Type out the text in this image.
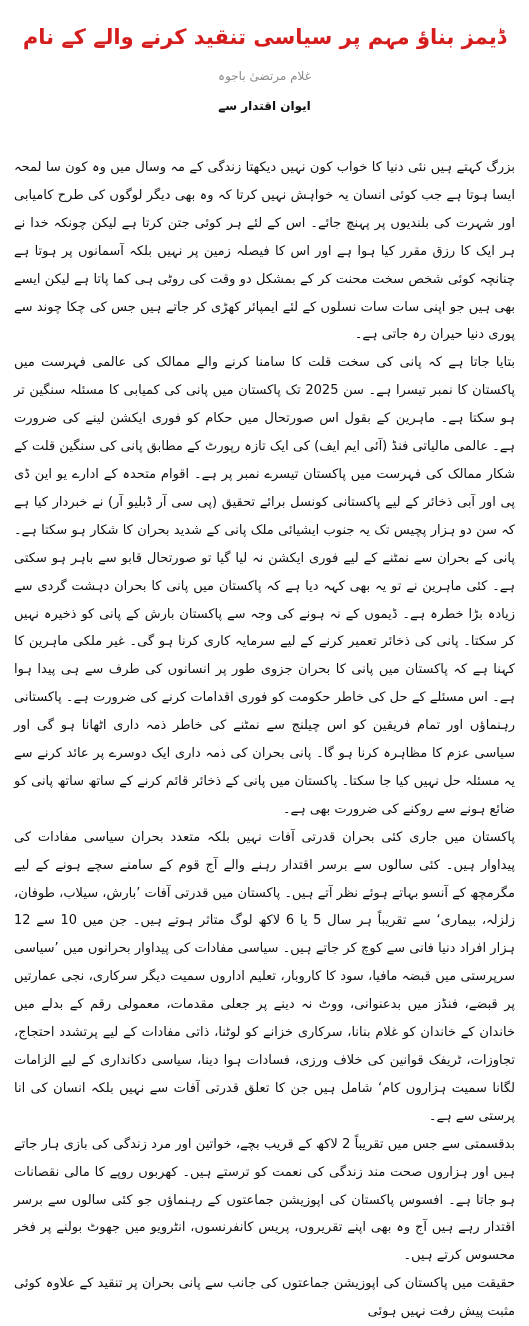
ڈیمز بناؤ مہم پر سیاسی تنقید کرنے والے کے نام
غلام مرتضیٰ باجوہ
ایوان اقتدار سے

بزرگ کہتے ہیں نئی دنیا کا خواب کون نہیں دیکھتا زندگی کے مہ وسال میں وہ کون سا لمحہ ایسا ہوتا ہے جب کوئی انسان یہ خواہش نہیں کرتا کہ وہ بھی دیگر لوگوں کی طرح کامیابی اور شہرت کی بلندیوں پر پہنچ جائے۔ اس کے لئے ہر کوئی جتن کرتا ہے لیکن چونکہ خدا نے ہر ایک کا رزق مقرر کیا ہوا ہے اور اس کا فیصلہ زمین پر نہیں بلکہ آسمانوں پر ہوتا ہے چنانچہ کوئی شخص سخت محنت کر کے بمشکل دو وقت کی روٹی ہی کما پاتا ہے لیکن ایسے بھی ہیں جو اپنی سات سات نسلوں کے لئے ایمپائر کھڑی کر جاتے ہیں جس کی چکا چوند سے پوری دنیا حیران رہ جاتی ہے۔

بتایا جاتا ہے کہ پانی کی سخت قلت کا سامنا کرنے والے ممالک کی عالمی فہرست میں پاکستان کا نمبر تیسرا ہے۔ سن 2025 تک پاکستان میں پانی کی کمیابی کا مسئلہ سنگین تر ہو سکتا ہے۔ ماہرین کے بقول اس صورتحال میں حکام کو فوری ایکشن لینے کی ضرورت ہے۔ عالمی مالیاتی فنڈ (آئی ایم ایف) کی ایک تازہ رپورٹ کے مطابق پانی کی سنگین قلت کے شکار ممالک کی فہرست میں پاکستان تیسرے نمبر پر ہے۔ اقوام متحدہ کے ادارے یو این ڈی پی اور آبی ذخائر کے لیے پاکستانی کونسل برائے تحقیق (پی سی آر ڈبلیو آر) نے خبردار کیا ہے کہ سن دو ہزار پچیس تک یہ جنوب ایشیائی ملک پانی کے شدید بحران کا شکار ہو سکتا ہے۔ پانی کے بحران سے نمٹنے کے لیے فوری ایکشن نہ لیا گیا تو صورتحال قابو سے باہر ہو سکتی ہے۔ کئی ماہرین نے تو یہ بھی کہہ دیا ہے کہ پاکستان میں پانی کا بحران دہشت گردی سے زیادہ بڑا خطرہ ہے۔ ڈیموں کے نہ ہونے کی وجہ سے پاکستان بارش کے پانی کو ذخیرہ نہیں کر سکتا۔ پانی کی ذخائر تعمیر کرنے کے لیے سرمایہ کاری کرنا ہو گی۔ غیر ملکی ماہرین کا کہنا ہے کہ پاکستان میں پانی کا بحران جزوی طور پر انسانوں کی طرف سے ہی پیدا ہوا ہے۔ اس مسئلے کے حل کی خاطر حکومت کو فوری اقدامات کرنے کی ضرورت ہے۔ پاکستانی رہنماؤں اور تمام فریقین کو اس چیلنج سے نمٹنے کی خاطر ذمہ داری اٹھانا ہو گی اور سیاسی عزم کا مظاہرہ کرنا ہو گا۔ پانی بحران کی ذمہ داری ایک دوسرے پر عائد کرنے سے یہ مسئلہ حل نہیں کیا جا سکتا۔ پاکستان میں پانی کے ذخائر قائم کرنے کے ساتھ ساتھ پانی کو ضائع ہونے سے روکنے کی ضرورت بھی ہے۔

پاکستان میں جاری کئی بحران قدرتی آفات نہیں بلکہ متعدد بحران سیاسی مفادات کی پیداوار ہیں۔ کئی سالوں سے برسر اقتدار رہنے والے آج قوم کے سامنے سچے ہونے کے لیے مگرمچھ کے آنسو بہاتے ہوئے نظر آتے ہیں۔ پاکستان میں قدرتی آفات ’بارش، سیلاب، طوفان، زلزلہ، بیماری‘ سے تقریباً ہر سال 5 یا 6 لاکھ لوگ متاثر ہوتے ہیں۔ جن میں 10 سے 12 ہزار افراد دنیا فانی سے کوچ کر جاتے ہیں۔ سیاسی مفادات کی پیداوار بحرانوں میں ’سیاسی سرپرستی میں قبضہ مافیا، سود کا کاروبار، تعلیم اداروں سمیت دیگر سرکاری، نجی عمارتیں پر قبضے، فنڈز میں بدعنوانی، ووٹ نہ دینے پر جعلی مقدمات، معمولی رقم کے بدلے میں خاندان کے خاندان کو غلام بنانا، سرکاری خزانے کو لوٹنا، ذاتی مفادات کے لیے پرتشدد احتجاج، تجاوزات، ٹریفک قوانین کی خلاف ورزی، فسادات ہوا دینا، سیاسی دکانداری کے لیے الزامات لگانا سمیت ہزاروں کام‘ شامل ہیں جن کا تعلق قدرتی آفات سے نہیں بلکہ انسان کی انا پرستی سے ہے۔

بدقسمتی سے جس میں تقریباً 2 لاکھ کے قریب بچے، خواتین اور مرد زندگی کی بازی ہار جاتے ہیں اور ہزاروں صحت مند زندگی کی نعمت کو ترستے ہیں۔ کھربوں روپے کا مالی نقصانات ہو جاتا ہے۔ افسوس پاکستان کی اپوزیشن جماعتوں کے رہنماؤں جو کئی سالوں سے برسر اقتدار رہے ہیں آج وہ بھی اپنے تقریروں، پریس کانفرنسوں، انٹرویو میں جھوٹ بولنے پر فخر محسوس کرتے ہیں۔

حقیقت میں پاکستان کی اپوزیشن جماعتوں کی جانب سے پانی بحران پر تنقید کے علاوہ کوئی مثبت پیش رفت نہیں ہوئی
